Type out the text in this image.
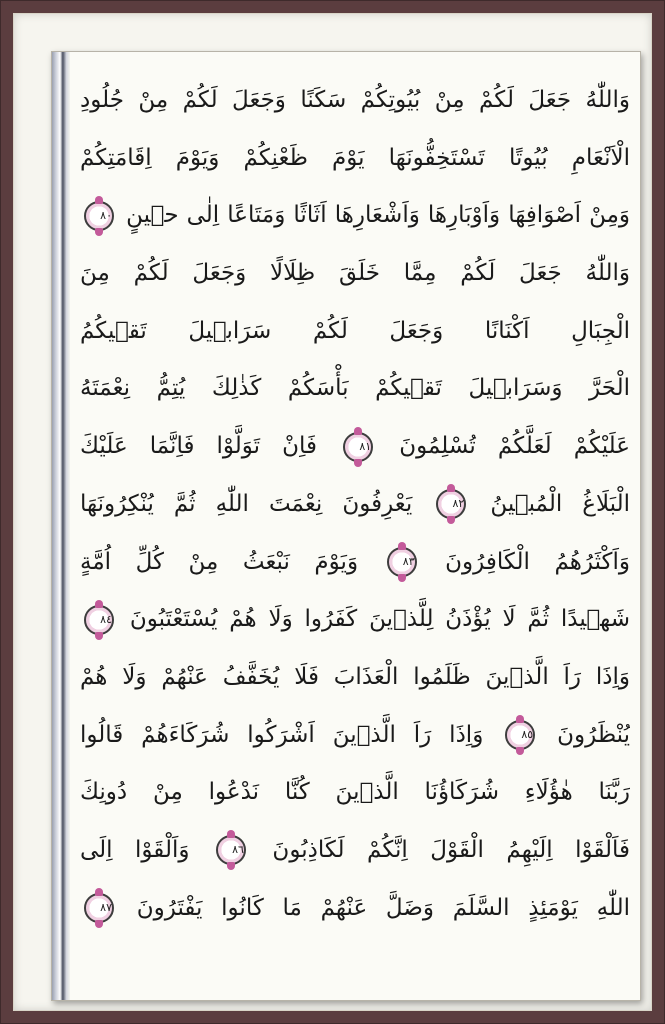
وَاللّٰهُ جَعَلَ لَكُمْ مِنْ بُيُوتِكُمْ سَكَنًا وَجَعَلَ لَكُمْ مِنْ جُلُودِ
الْاَنْعَامِ بُيُوتًا تَسْتَخِفُّونَهَا يَوْمَ ظَعْنِكُمْ وَيَوْمَ اِقَامَتِكُمْ
وَمِنْ اَصْوَافِهَا وَاَوْبَارِهَا وَاَشْعَارِهَا اَثَاثًا وَمَتَاعًا اِلٰى حٖينٍ ٨٠
وَاللّٰهُ جَعَلَ لَكُمْ مِمَّا خَلَقَ ظِلَالًا وَجَعَلَ لَكُمْ مِنَ
الْجِبَالِ اَكْنَانًا وَجَعَلَ لَكُمْ سَرَابٖيلَ تَقٖيكُمُ
الْحَرَّ وَسَرَابٖيلَ تَقٖيكُمْ بَأْسَكُمْ كَذٰلِكَ يُتِمُّ نِعْمَتَهُ
عَلَيْكُمْ لَعَلَّكُمْ تُسْلِمُونَ ٨١ فَاِنْ تَوَلَّوْا فَاِنَّمَا عَلَيْكَ
الْبَلَاغُ الْمُبٖينُ ٨٢ يَعْرِفُونَ نِعْمَتَ اللّٰهِ ثُمَّ يُنْكِرُونَهَا
وَاَكْثَرُهُمُ الْكَافِرُونَ ٨٣ وَيَوْمَ نَبْعَثُ مِنْ كُلِّ اُمَّةٍ
شَهٖيدًا ثُمَّ لَا يُؤْذَنُ لِلَّذٖينَ كَفَرُوا وَلَا هُمْ يُسْتَعْتَبُونَ ٨٤
وَاِذَا رَاَ الَّذٖينَ ظَلَمُوا الْعَذَابَ فَلَا يُخَفَّفُ عَنْهُمْ وَلَا هُمْ
يُنْظَرُونَ ٨٥ وَاِذَا رَاَ الَّذٖينَ اَشْرَكُوا شُرَكَاءَهُمْ قَالُوا
رَبَّنَا هٰؤُلَاءِ شُرَكَاؤُنَا الَّذٖينَ كُنَّا نَدْعُوا مِنْ دُونِكَ
فَاَلْقَوْا اِلَيْهِمُ الْقَوْلَ اِنَّكُمْ لَكَاذِبُونَ ٨٦ وَاَلْقَوْا اِلَى
اللّٰهِ يَوْمَئِذٍ السَّلَمَ وَضَلَّ عَنْهُمْ مَا كَانُوا يَفْتَرُونَ ٨٧
